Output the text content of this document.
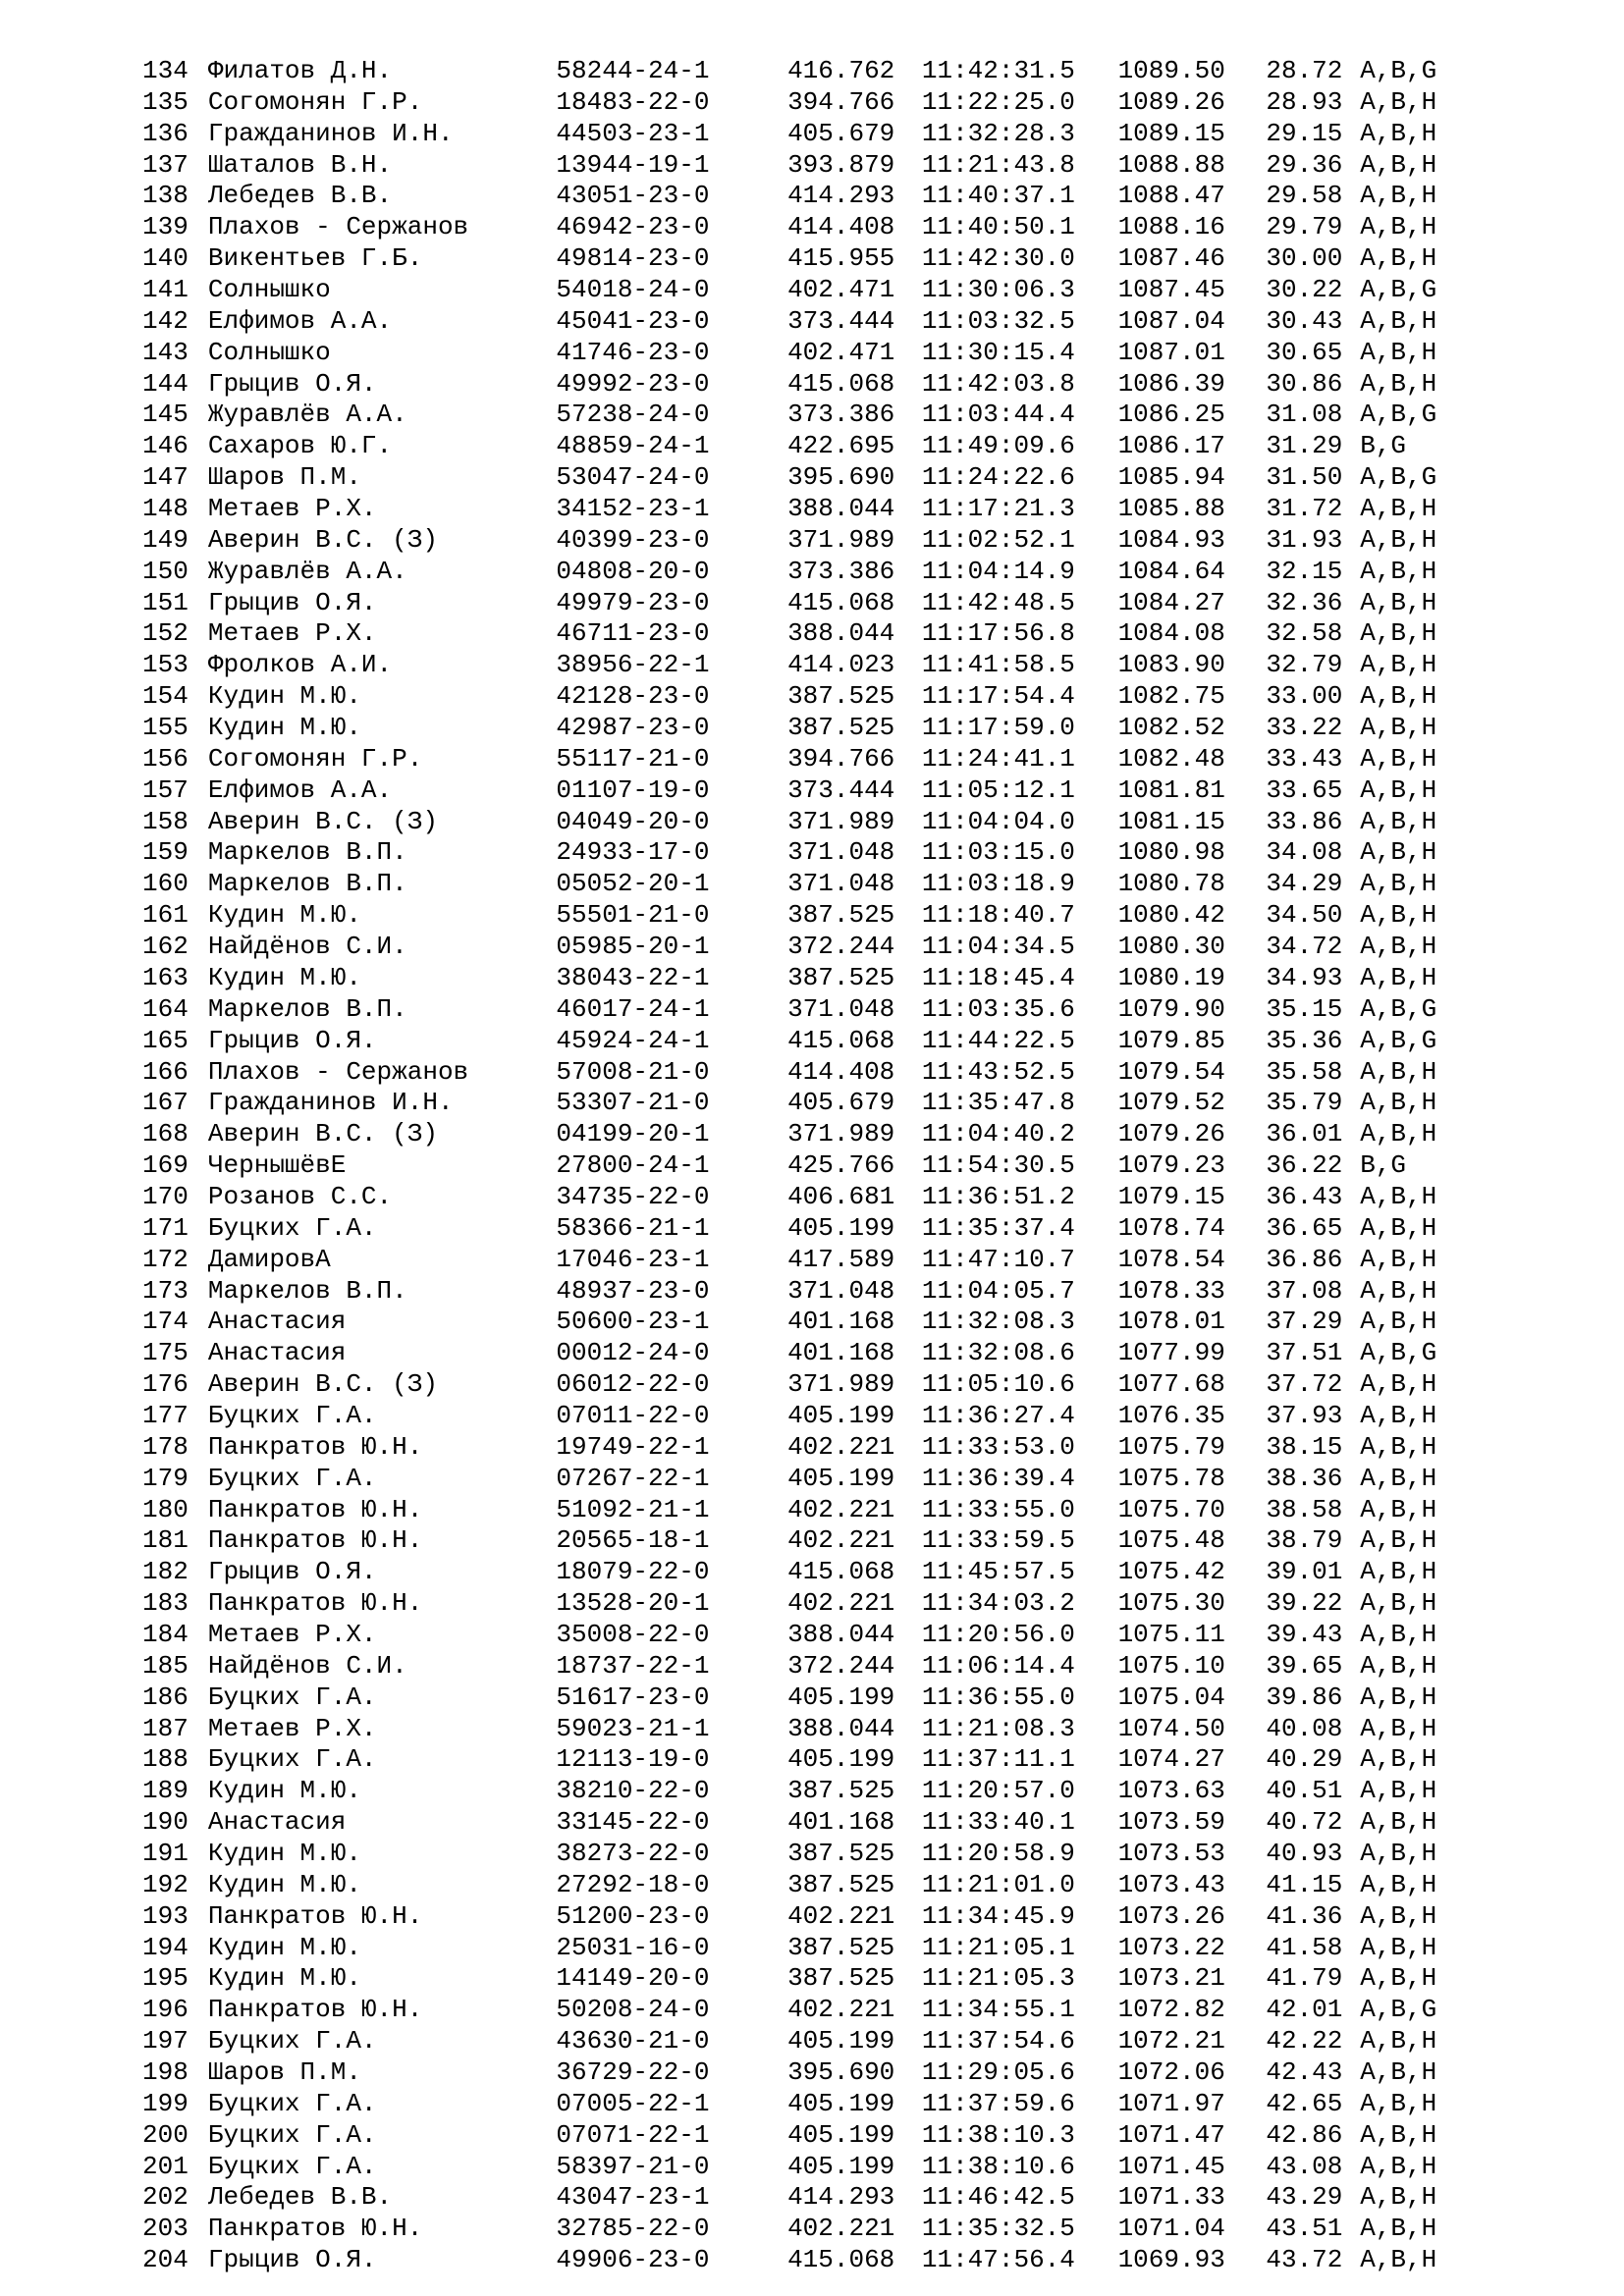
134 Филатов Д.Н.	58244-24-1	416.762	11:42:31.5	1089.50	28.72 A,B,G
135 Согомонян Г.Р.	18483-22-0	394.766	11:22:25.0	1089.26	28.93 A,B,H
136 Гражданинов И.Н.	44503-23-1	405.679	11:32:28.3	1089.15	29.15 A,B,H
137 Шаталов В.Н.	13944-19-1	393.879	11:21:43.8	1088.88	29.36 A,B,H
138 Лебедев В.В.	43051-23-0	414.293	11:40:37.1	1088.47	29.58 A,B,H
139 Плахов - Сержанов	46942-23-0	414.408	11:40:50.1	1088.16	29.79 A,B,H
140 Викентьев Г.Б.	49814-23-0	415.955	11:42:30.0	1087.46	30.00 A,B,H
141 Солнышко	54018-24-0	402.471	11:30:06.3	1087.45	30.22 A,B,G
142 Елфимов А.А.	45041-23-0	373.444	11:03:32.5	1087.04	30.43 A,B,H
143 Солнышко	41746-23-0	402.471	11:30:15.4	1087.01	30.65 A,B,H
144 Грыцив О.Я.	49992-23-0	415.068	11:42:03.8	1086.39	30.86 A,B,H
145 Журавлёв А.А.	57238-24-0	373.386	11:03:44.4	1086.25	31.08 A,B,G
146 Сахаров Ю.Г.	48859-24-1	422.695	11:49:09.6	1086.17	31.29 B,G
147 Шаров П.М.	53047-24-0	395.690	11:24:22.6	1085.94	31.50 A,B,G
148 Метаев Р.Х.	34152-23-1	388.044	11:17:21.3	1085.88	31.72 A,B,H
149 Аверин В.С. (З)	40399-23-0	371.989	11:02:52.1	1084.93	31.93 A,B,H
150 Журавлёв А.А.	04808-20-0	373.386	11:04:14.9	1084.64	32.15 A,B,H
151 Грыцив О.Я.	49979-23-0	415.068	11:42:48.5	1084.27	32.36 A,B,H
152 Метаев Р.Х.	46711-23-0	388.044	11:17:56.8	1084.08	32.58 A,B,H
153 Фролков А.И.	38956-22-1	414.023	11:41:58.5	1083.90	32.79 A,B,H
154 Кудин М.Ю.	42128-23-0	387.525	11:17:54.4	1082.75	33.00 A,B,H
155 Кудин М.Ю.	42987-23-0	387.525	11:17:59.0	1082.52	33.22 A,B,H
156 Согомонян Г.Р.	55117-21-0	394.766	11:24:41.1	1082.48	33.43 A,B,H
157 Елфимов А.А.	01107-19-0	373.444	11:05:12.1	1081.81	33.65 A,B,H
158 Аверин В.С. (З)	04049-20-0	371.989	11:04:04.0	1081.15	33.86 A,B,H
159 Маркелов В.П.	24933-17-0	371.048	11:03:15.0	1080.98	34.08 A,B,H
160 Маркелов В.П.	05052-20-1	371.048	11:03:18.9	1080.78	34.29 A,B,H
161 Кудин М.Ю.	55501-21-0	387.525	11:18:40.7	1080.42	34.50 A,B,H
162 Найдёнов С.И.	05985-20-1	372.244	11:04:34.5	1080.30	34.72 A,B,H
163 Кудин М.Ю.	38043-22-1	387.525	11:18:45.4	1080.19	34.93 A,B,H
164 Маркелов В.П.	46017-24-1	371.048	11:03:35.6	1079.90	35.15 A,B,G
165 Грыцив О.Я.	45924-24-1	415.068	11:44:22.5	1079.85	35.36 A,B,G
166 Плахов - Сержанов	57008-21-0	414.408	11:43:52.5	1079.54	35.58 A,B,H
167 Гражданинов И.Н.	53307-21-0	405.679	11:35:47.8	1079.52	35.79 A,B,H
168 Аверин В.С. (З)	04199-20-1	371.989	11:04:40.2	1079.26	36.01 A,B,H
169 ЧернышёвЕ	27800-24-1	425.766	11:54:30.5	1079.23	36.22 B,G
170 Розанов С.С.	34735-22-0	406.681	11:36:51.2	1079.15	36.43 A,B,H
171 Буцких Г.А.	58366-21-1	405.199	11:35:37.4	1078.74	36.65 A,B,H
172 ДамировА	17046-23-1	417.589	11:47:10.7	1078.54	36.86 A,B,H
173 Маркелов В.П.	48937-23-0	371.048	11:04:05.7	1078.33	37.08 A,B,H
174 Анастасия	50600-23-1	401.168	11:32:08.3	1078.01	37.29 A,B,H
175 Анастасия	00012-24-0	401.168	11:32:08.6	1077.99	37.51 A,B,G
176 Аверин В.С. (З)	06012-22-0	371.989	11:05:10.6	1077.68	37.72 A,B,H
177 Буцких Г.А.	07011-22-0	405.199	11:36:27.4	1076.35	37.93 A,B,H
178 Панкратов Ю.Н.	19749-22-1	402.221	11:33:53.0	1075.79	38.15 A,B,H
179 Буцких Г.А.	07267-22-1	405.199	11:36:39.4	1075.78	38.36 A,B,H
180 Панкратов Ю.Н.	51092-21-1	402.221	11:33:55.0	1075.70	38.58 A,B,H
181 Панкратов Ю.Н.	20565-18-1	402.221	11:33:59.5	1075.48	38.79 A,B,H
182 Грыцив О.Я.	18079-22-0	415.068	11:45:57.5	1075.42	39.01 A,B,H
183 Панкратов Ю.Н.	13528-20-1	402.221	11:34:03.2	1075.30	39.22 A,B,H
184 Метаев Р.Х.	35008-22-0	388.044	11:20:56.0	1075.11	39.43 A,B,H
185 Найдёнов С.И.	18737-22-1	372.244	11:06:14.4	1075.10	39.65 A,B,H
186 Буцких Г.А.	51617-23-0	405.199	11:36:55.0	1075.04	39.86 A,B,H
187 Метаев Р.Х.	59023-21-1	388.044	11:21:08.3	1074.50	40.08 A,B,H
188 Буцких Г.А.	12113-19-0	405.199	11:37:11.1	1074.27	40.29 A,B,H
189 Кудин М.Ю.	38210-22-0	387.525	11:20:57.0	1073.63	40.51 A,B,H
190 Анастасия	33145-22-0	401.168	11:33:40.1	1073.59	40.72 A,B,H
191 Кудин М.Ю.	38273-22-0	387.525	11:20:58.9	1073.53	40.93 A,B,H
192 Кудин М.Ю.	27292-18-0	387.525	11:21:01.0	1073.43	41.15 A,B,H
193 Панкратов Ю.Н.	51200-23-0	402.221	11:34:45.9	1073.26	41.36 A,B,H
194 Кудин М.Ю.	25031-16-0	387.525	11:21:05.1	1073.22	41.58 A,B,H
195 Кудин М.Ю.	14149-20-0	387.525	11:21:05.3	1073.21	41.79 A,B,H
196 Панкратов Ю.Н.	50208-24-0	402.221	11:34:55.1	1072.82	42.01 A,B,G
197 Буцких Г.А.	43630-21-0	405.199	11:37:54.6	1072.21	42.22 A,B,H
198 Шаров П.М.	36729-22-0	395.690	11:29:05.6	1072.06	42.43 A,B,H
199 Буцких Г.А.	07005-22-1	405.199	11:37:59.6	1071.97	42.65 A,B,H
200 Буцких Г.А.	07071-22-1	405.199	11:38:10.3	1071.47	42.86 A,B,H
201 Буцких Г.А.	58397-21-0	405.199	11:38:10.6	1071.45	43.08 A,B,H
202 Лебедев В.В.	43047-23-1	414.293	11:46:42.5	1071.33	43.29 A,B,H
203 Панкратов Ю.Н.	32785-22-0	402.221	11:35:32.5	1071.04	43.51 A,B,H
204 Грыцив О.Я.	49906-23-0	415.068	11:47:56.4	1069.93	43.72 A,B,H
